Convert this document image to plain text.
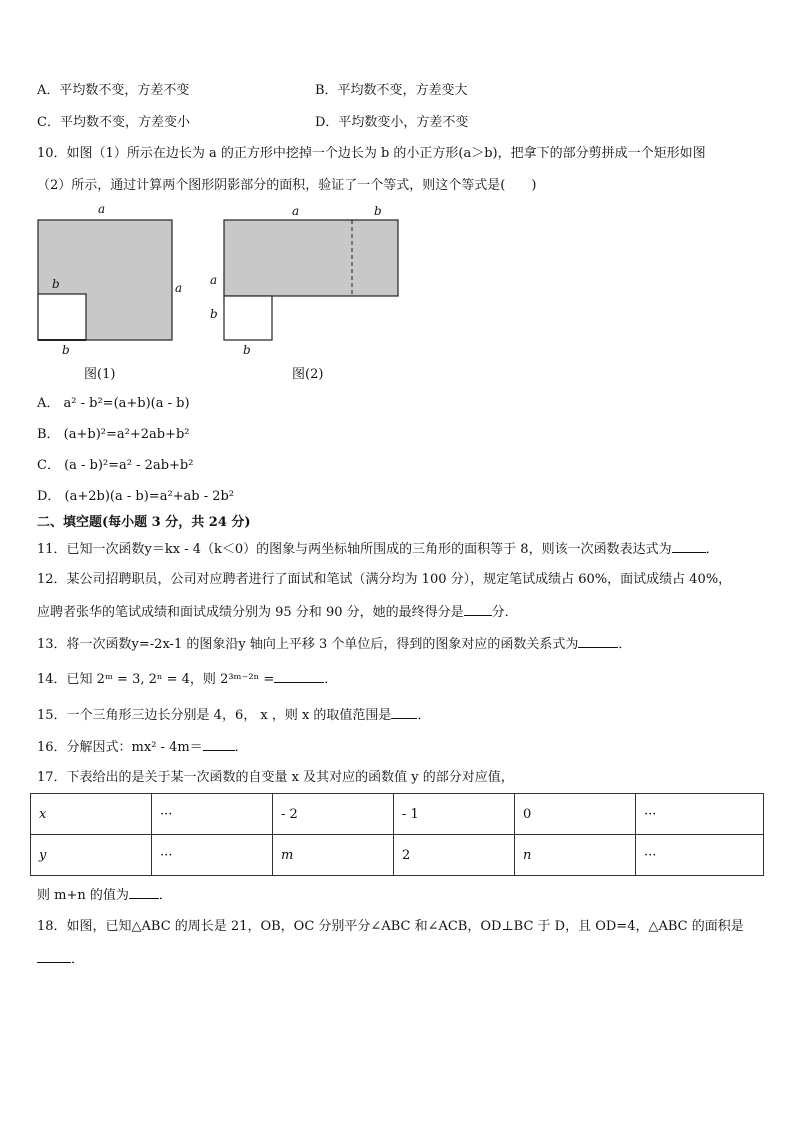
A．平均数不变，方差不变	B．平均数不变，方差变大
C．平均数不变，方差变小	D．平均数变小，方差不变
10．如图（1）所示在边长为 a 的正方形中挖掉一个边长为 b 的小正方形(a＞b)，把拿下的部分剪拼成一个矩形如图
（2）所示，通过计算两个图形阴影部分的面积，验证了一个等式，则这个等式是(　　)
a
a
b
b
图(1)
a	b
a
b
b
图(2)
A． a² - b²=(a+b)(a - b)
B． (a+b)²=a²+2ab+b²
C． (a - b)²=a² - 2ab+b²
D． (a+2b)(a - b)=a²+ab - 2b²
二、填空题(每小题 3 分，共 24 分)
11．已知一次函数y＝kx - 4（k＜0）的图象与两坐标轴所围成的三角形的面积等于 8，则该一次函数表达式为	．
12．某公司招聘职员，公司对应聘者进行了面试和笔试（满分均为 100 分），规定笔试成绩占 60%，面试成绩占 40%，
应聘者张华的笔试成绩和面试成绩分别为 95 分和 90 分，她的最终得分是 分．
13．将一次函数y=-2x-1 的图象沿y 轴向上平移 3 个单位后，得到的图象对应的函数关系式为	．
14．已知 2ᵐ = 3, 2ⁿ = 4，则 2³ᵐ⁻²ⁿ =	．
15．一个三角形三边长分别是 4，6， x ，则 x 的取值范围是 ．
16．分解因式：mx² - 4m＝ ．
17．下表给出的是关于某一次函数的自变量 x 及其对应的函数值 y 的部分对应值，
x	···	- 2	- 1	0	···
y	···	m	2	n	···
则 m+n 的值为 ．
18．如图，已知△ABC 的周长是 21，OB，OC 分别平分∠ABC 和∠ACB，OD⊥BC 于 D，且 OD=4，△ABC 的面积是
．
